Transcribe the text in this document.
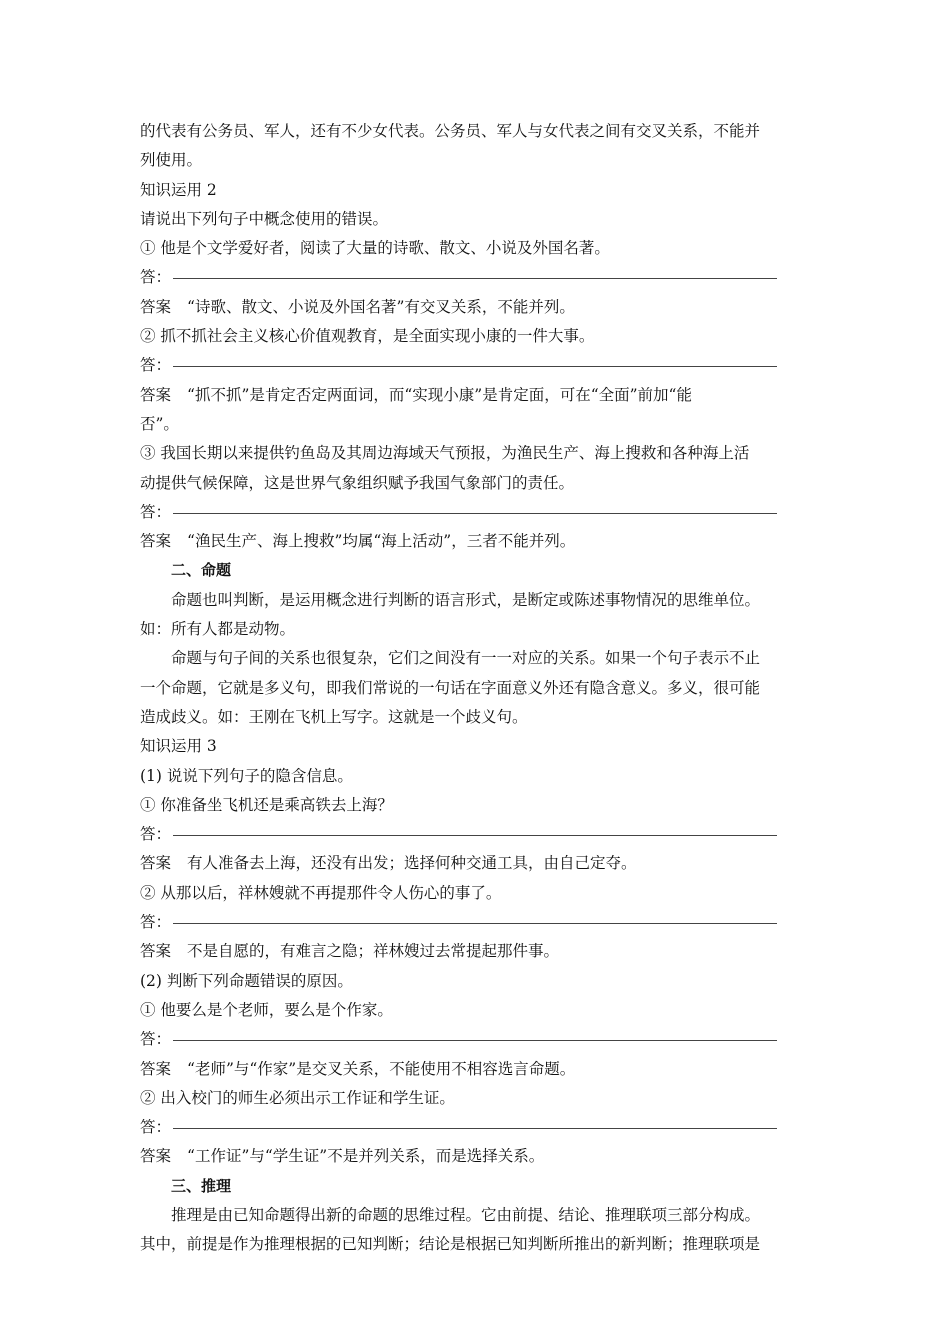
的代表有公务员、军人，还有不少女代表。公务员、军人与女代表之间有交叉关系，不能并
列使用。
知识运用 2
请说出下列句子中概念使用的错误。
① 他是个文学爱好者，阅读了大量的诗歌、散文、小说及外国名著。
答：
答案 “诗歌、散文、小说及外国名著”有交叉关系，不能并列。
② 抓不抓社会主义核心价值观教育，是全面实现小康的一件大事。
答：
答案 “抓不抓”是肯定否定两面词，而“实现小康”是肯定面，可在“全面”前加“能
否”。
③ 我国长期以来提供钓鱼岛及其周边海域天气预报，为渔民生产、海上搜救和各种海上活
动提供气候保障，这是世界气象组织赋予我国气象部门的责任。
答：
答案 “渔民生产、海上搜救”均属“海上活动”，三者不能并列。
二、命题
命题也叫判断，是运用概念进行判断的语言形式，是断定或陈述事物情况的思维单位。
如：所有人都是动物。
命题与句子间的关系也很复杂，它们之间没有一一对应的关系。如果一个句子表示不止
一个命题，它就是多义句，即我们常说的一句话在字面意义外还有隐含意义。多义，很可能
造成歧义。如：王刚在飞机上写字。这就是一个歧义句。
知识运用 3
(1) 说说下列句子的隐含信息。
① 你准备坐飞机还是乘高铁去上海？
答：
答案 有人准备去上海，还没有出发；选择何种交通工具，由自己定夺。
② 从那以后，祥林嫂就不再提那件令人伤心的事了。
答：
答案 不是自愿的，有难言之隐；祥林嫂过去常提起那件事。
(2) 判断下列命题错误的原因。
① 他要么是个老师，要么是个作家。
答：
答案 “老师”与“作家”是交叉关系，不能使用不相容选言命题。
② 出入校门的师生必须出示工作证和学生证。
答：
答案 “工作证”与“学生证”不是并列关系，而是选择关系。
三、推理
推理是由已知命题得出新的命题的思维过程。它由前提、结论、推理联项三部分构成。
其中，前提是作为推理根据的已知判断；结论是根据已知判断所推出的新判断；推理联项是
